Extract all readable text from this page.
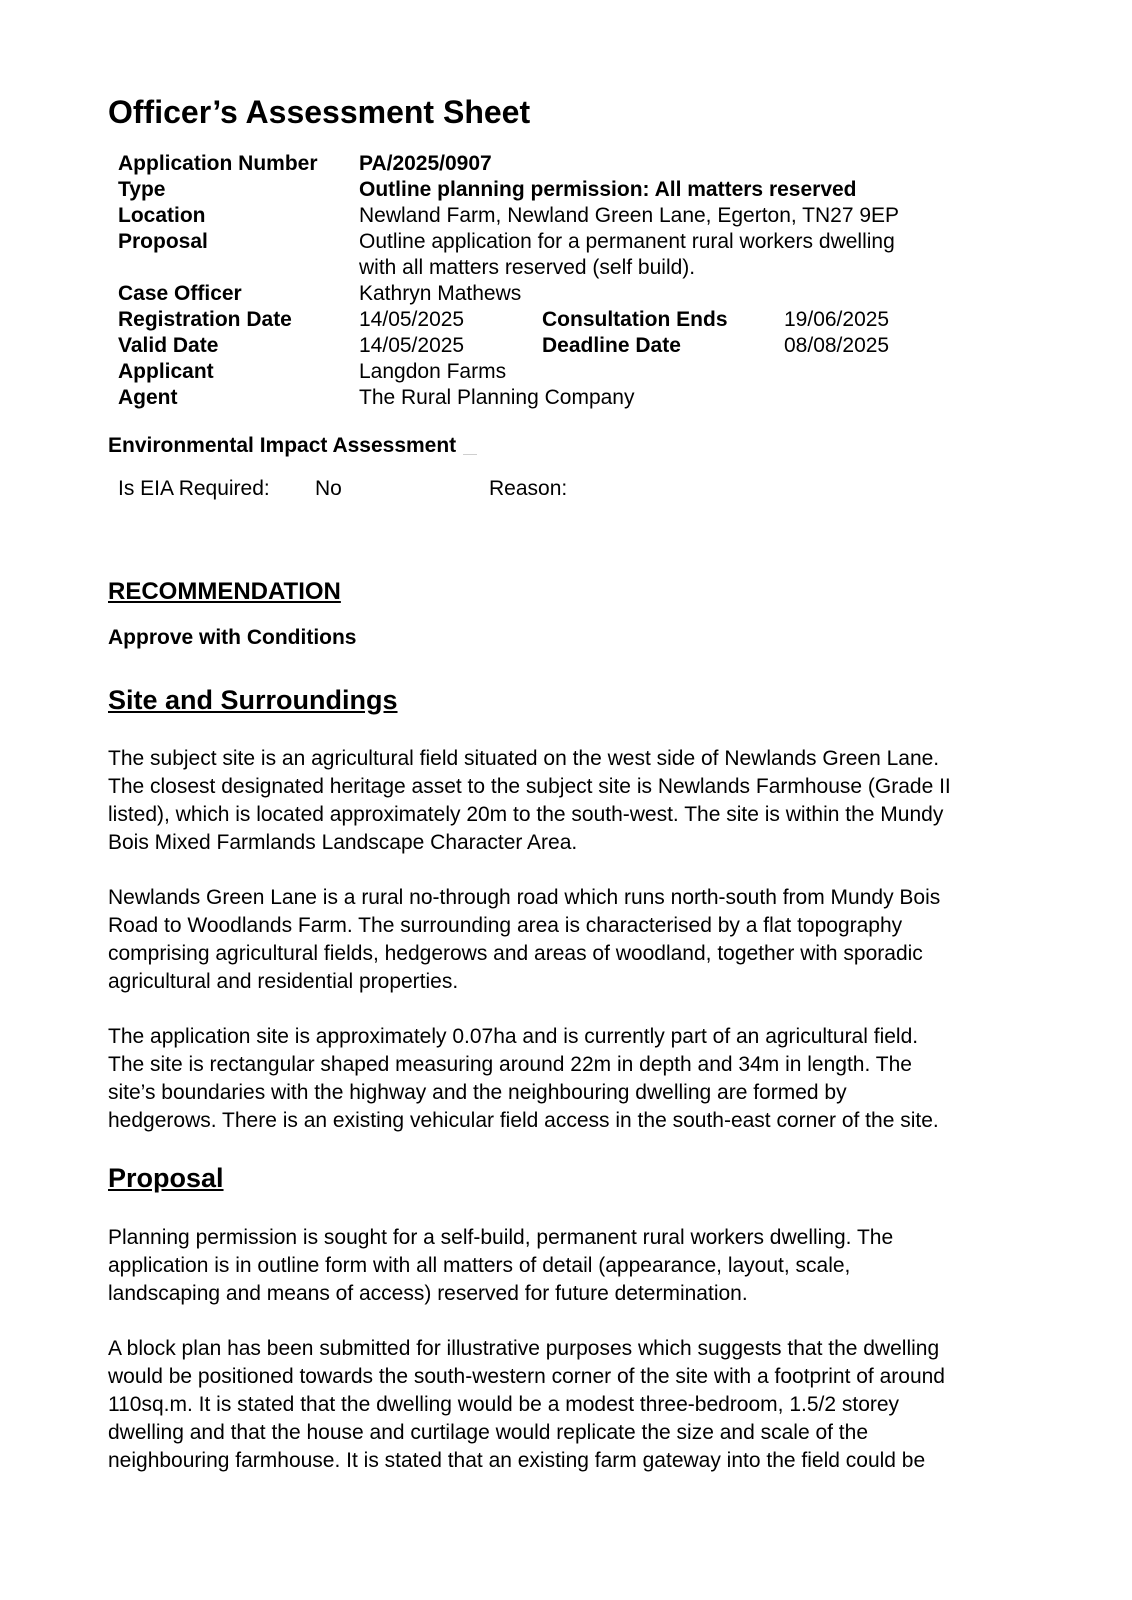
Officer’s Assessment Sheet
Application Number PA/2025/0907
Type	Outline planning permission: All matters reserved
Location	Newland Farm, Newland Green Lane, Egerton, TN27 9EP
Proposal	Outline application for a permanent rural workers dwelling
with all matters reserved (self build).
Case Officer	Kathryn Mathews
Registration Date	14/05/2025	Consultation Ends	19/06/2025
Valid Date	14/05/2025	Deadline Date	08/08/2025
Applicant	Langdon Farms
Agent	The Rural Planning Company
Environmental Impact Assessment
Is EIA Required: No	Reason:
RECOMMENDATION
Approve with Conditions
Site and Surroundings

The subject site is an agricultural field situated on the west side of Newlands Green Lane.
The closest designated heritage asset to the subject site is Newlands Farmhouse (Grade II
listed), which is located approximately 20m to the south-west. The site is within the Mundy
Bois Mixed Farmlands Landscape Character Area.

Newlands Green Lane is a rural no-through road which runs north-south from Mundy Bois
Road to Woodlands Farm. The surrounding area is characterised by a flat topography
comprising agricultural fields, hedgerows and areas of woodland, together with sporadic
agricultural and residential properties.

The application site is approximately 0.07ha and is currently part of an agricultural field.
The site is rectangular shaped measuring around 22m in depth and 34m in length. The
site’s boundaries with the highway and the neighbouring dwelling are formed by
hedgerows. There is an existing vehicular field access in the south-east corner of the site.

Proposal

Planning permission is sought for a self-build, permanent rural workers dwelling. The
application is in outline form with all matters of detail (appearance, layout, scale,
landscaping and means of access) reserved for future determination.

A block plan has been submitted for illustrative purposes which suggests that the dwelling
would be positioned towards the south-western corner of the site with a footprint of around
110sq.m. It is stated that the dwelling would be a modest three-bedroom, 1.5/2 storey
dwelling and that the house and curtilage would replicate the size and scale of the
neighbouring farmhouse. It is stated that an existing farm gateway into the field could be
